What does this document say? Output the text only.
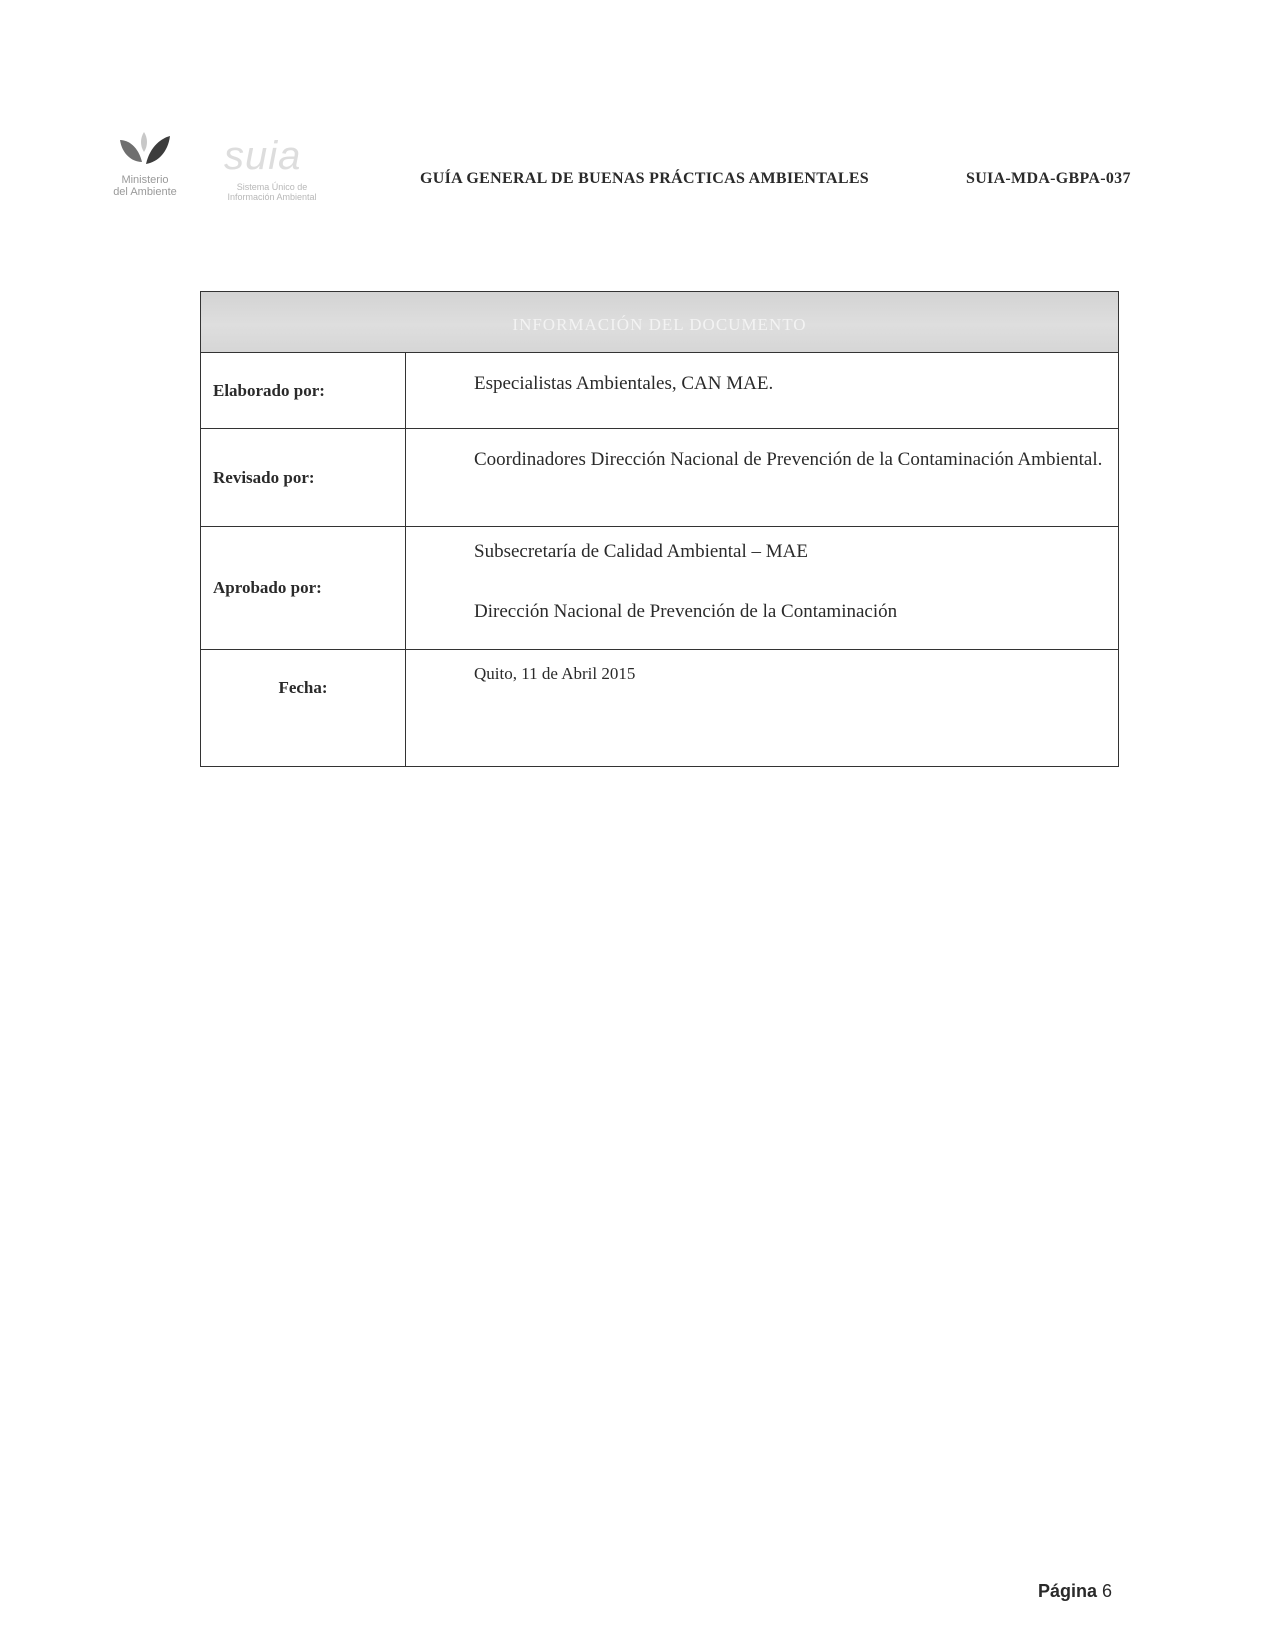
Ministerio
del Ambiente
suia
Sistema Único de
Información Ambiental
GUÍA GENERAL DE BUENAS PRÁCTICAS AMBIENTALES	SUIA-MDA-GBPA-037
INFORMACIÓN DEL DOCUMENTO
Elaborado por:	Especialistas Ambientales, CAN MAE.
Revisado por:
Coordinadores Dirección Nacional de Prevención de la Contaminación Ambiental.
Aprobado por:
Subsecretaría de Calidad Ambiental – MAE
Dirección Nacional de Prevención de la Contaminación
Fecha:
Quito, 11 de Abril 2015
Página 6
